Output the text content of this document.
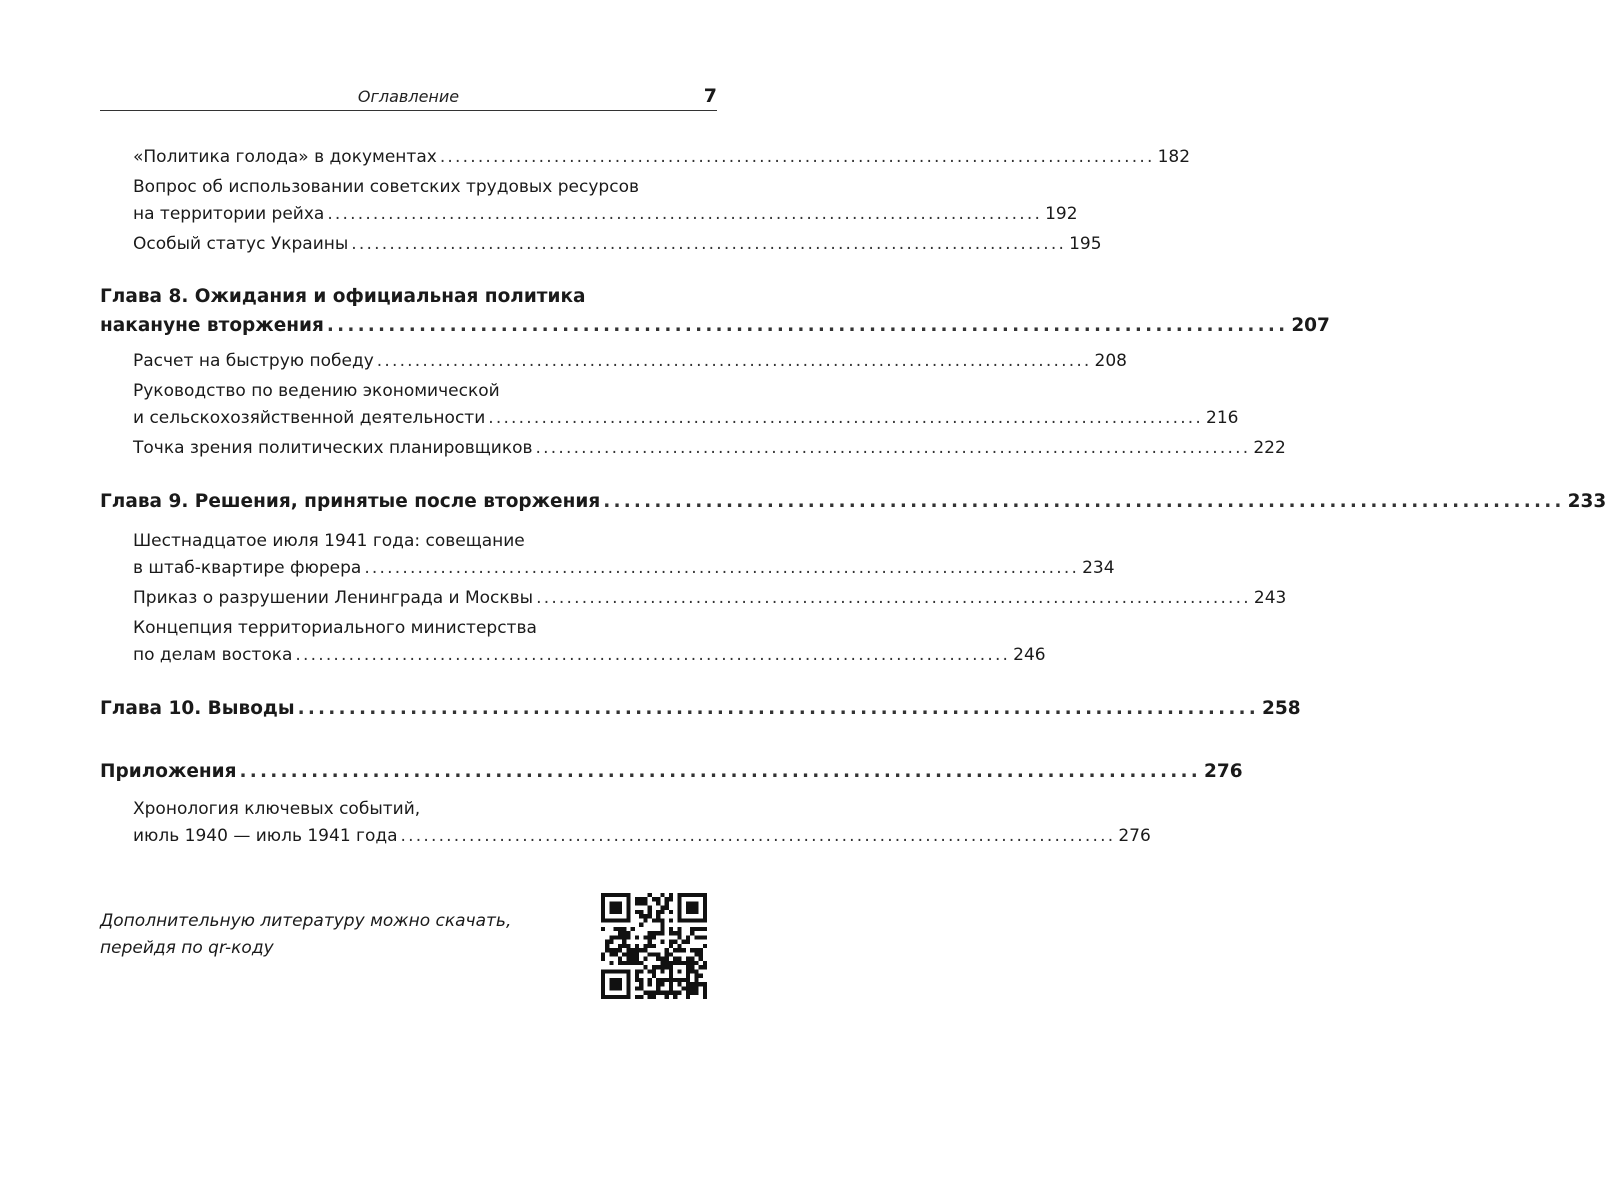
Оглавление	7
«Политика голода» в документах .............................................................................................. 182
Вопрос об использовании советских трудовых ресурсов
на территории рейха .............................................................................................. 192
Особый статус Украины .............................................................................................. 195
Глава 8. Ожидания и официальная политика
накануне вторжения .............................................................................................. 207
Расчет на быструю победу .............................................................................................. 208
Руководство по ведению экономической
и сельскохозяйственной деятельности .............................................................................................. 216
Точка зрения политических планировщиков .............................................................................................. 222
Глава 9. Решения, принятые после вторжения .............................................................................................. 233
Шестнадцатое июля 1941 года: совещание
в штаб-квартире фюрера .............................................................................................. 234
Приказ о разрушении Ленинграда и Москвы .............................................................................................. 243
Концепция территориального министерства
по делам востока .............................................................................................. 246
Глава 10. Выводы .............................................................................................. 258
Приложения .............................................................................................. 276
Хронология ключевых событий,
июль 1940 — июль 1941 года .............................................................................................. 276
Дополнительную литературу можно скачать,
перейдя по qr-коду
